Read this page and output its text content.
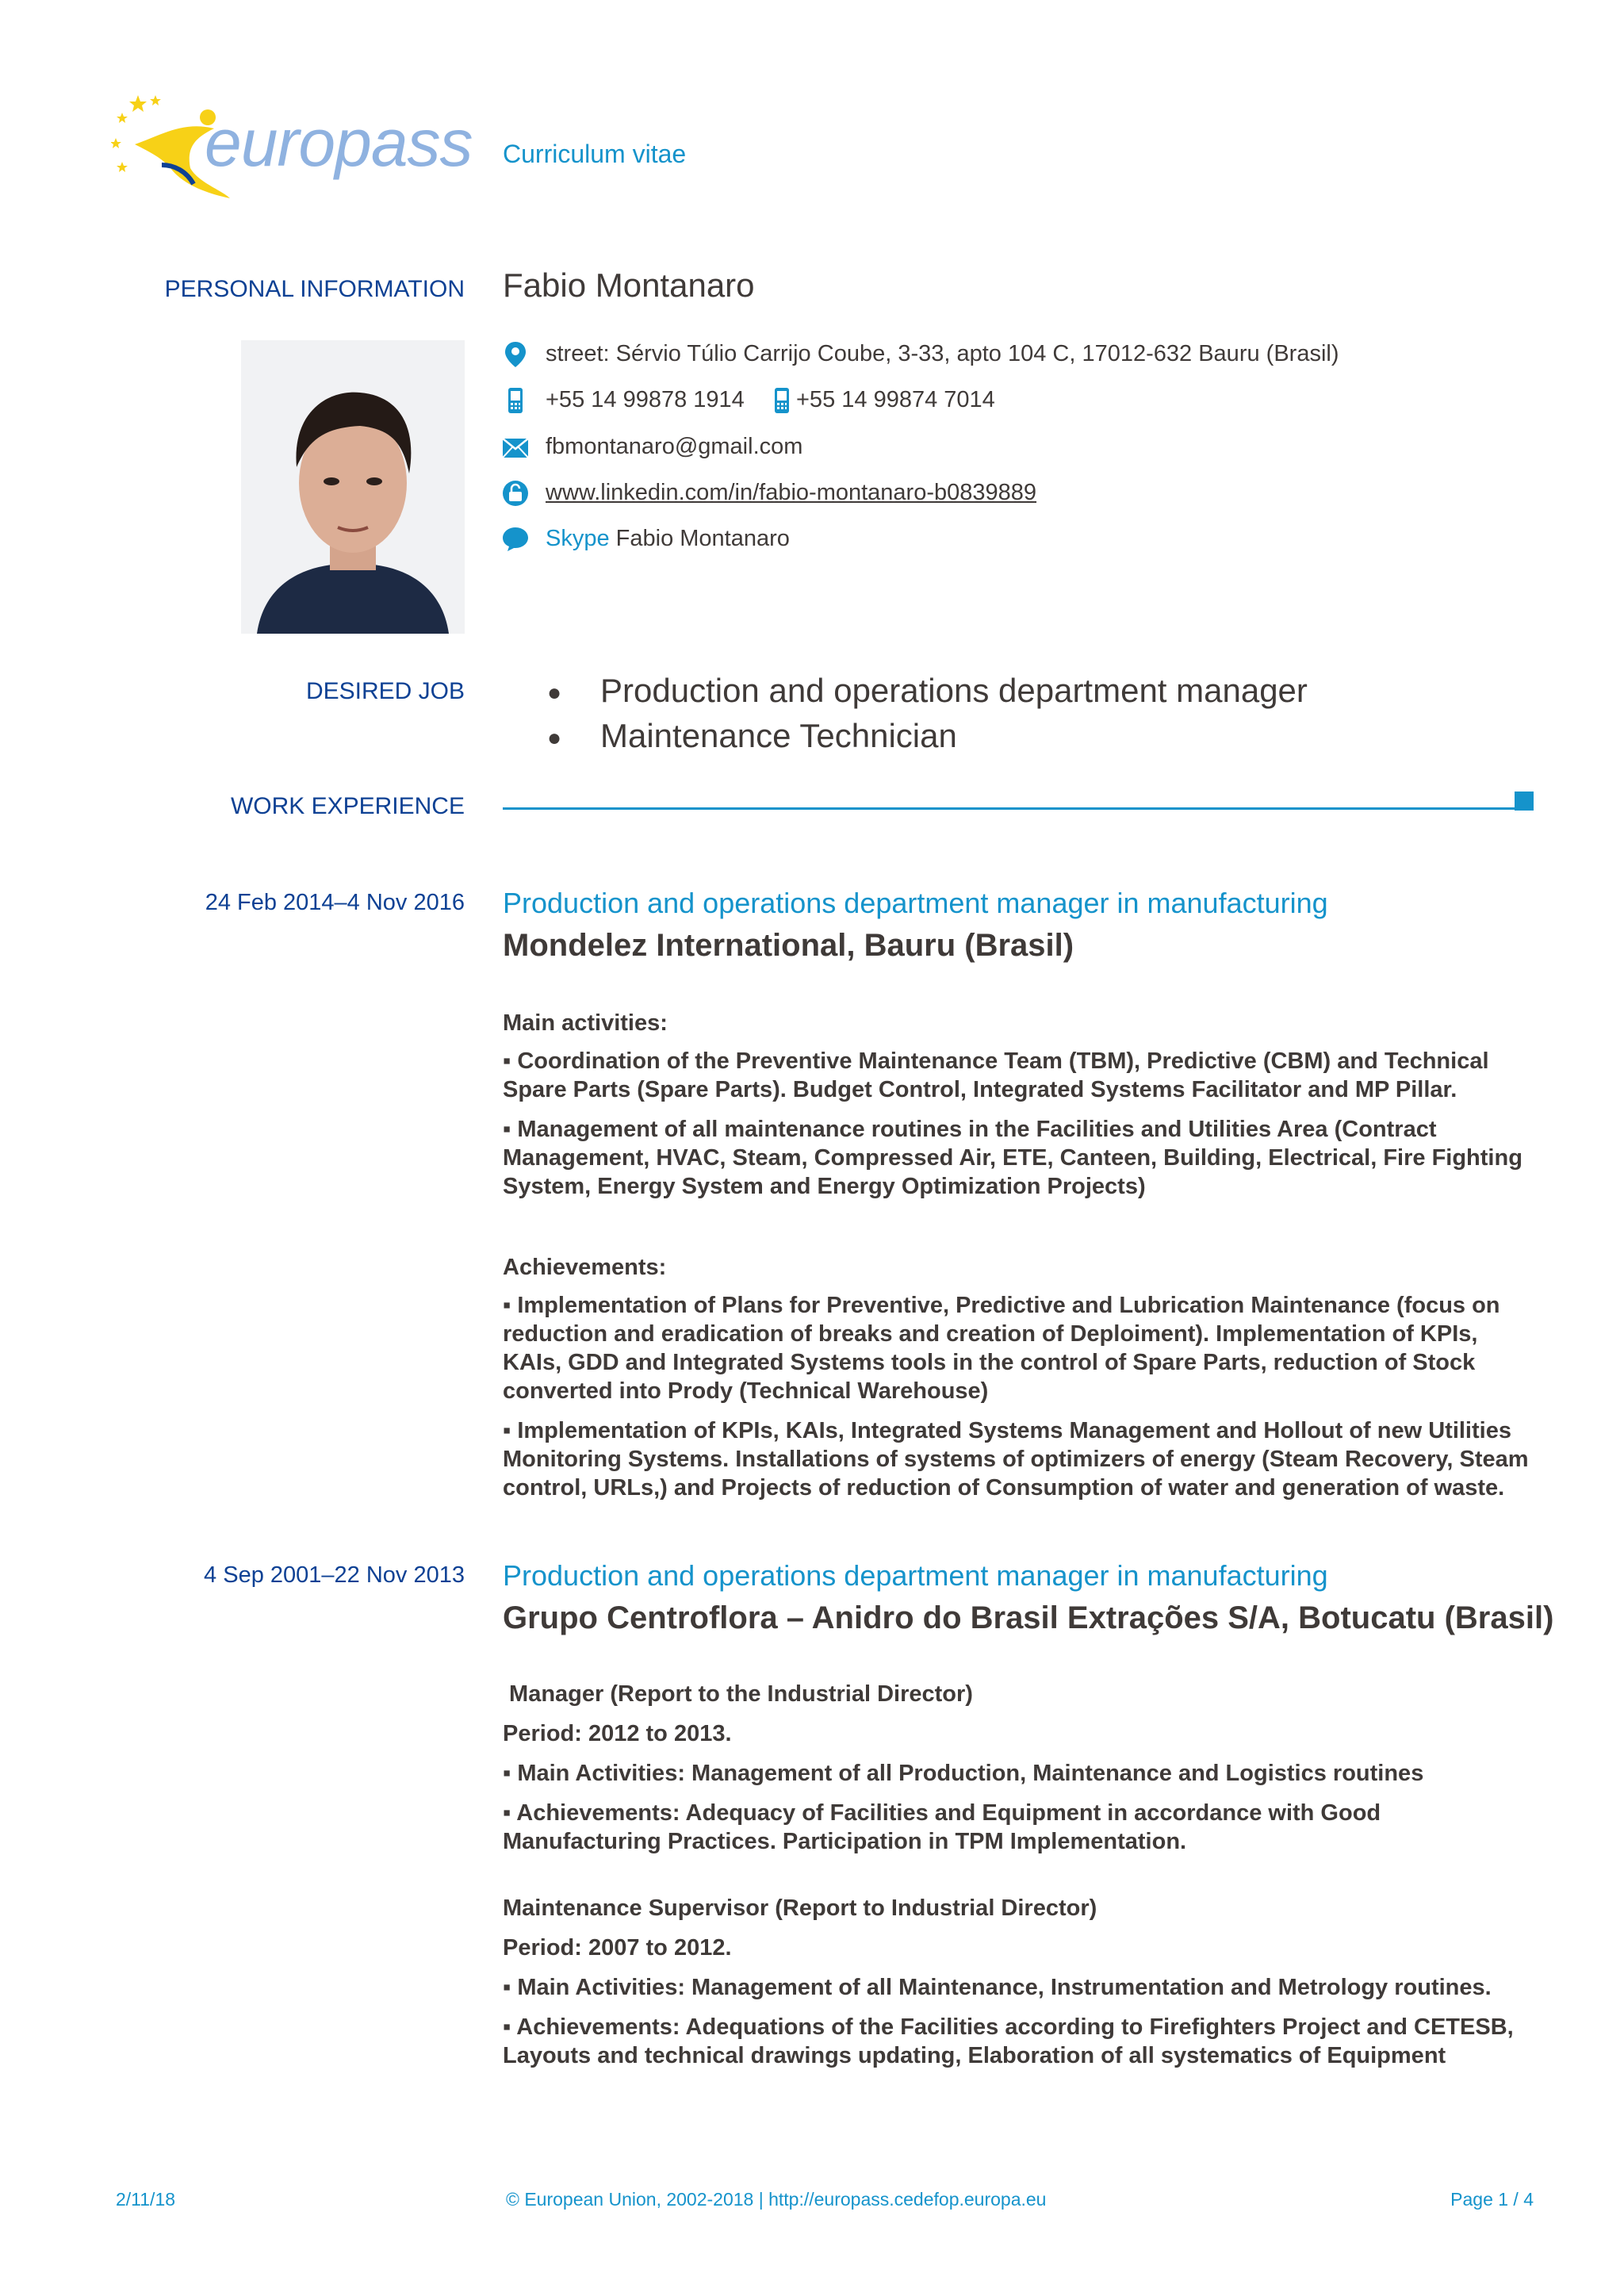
europass Curriculum vitae
PERSONAL INFORMATION Fabio Montanaro
street: Sérvio Túlio Carrijo Coube, 3-33, apto 104 C, 17012-632 Bauru (Brasil)
+55 14 99878 1914 +55 14 99874 7014
fbmontanaro@gmail.com
www.linkedin.com/in/fabio-montanaro-b0839889
Skype Fabio Montanaro
DESIRED JOB	● Production and operations department manager
● Maintenance Technician
WORK EXPERIENCE
24 Feb 2014–4 Nov 2016 Production and operations department manager in manufacturing
Mondelez International, Bauru (Brasil)
Main activities:
▪ Coordination of the Preventive Maintenance Team (TBM), Predictive (CBM) and Technical Spare Parts (Spare Parts). Budget Control, Integrated Systems Facilitator and MP Pillar.
▪ Management of all maintenance routines in the Facilities and Utilities Area (Contract Management, HVAC, Steam, Compressed Air, ETE, Canteen, Building, Electrical, Fire Fighting System, Energy System and Energy Optimization Projects)
Achievements:
▪ Implementation of Plans for Preventive, Predictive and Lubrication Maintenance (focus on reduction and eradication of breaks and creation of Deploiment). Implementation of KPIs, KAIs, GDD and Integrated Systems tools in the control of Spare Parts, reduction of Stock converted into Prody (Technical Warehouse)
▪ Implementation of KPIs, KAIs, Integrated Systems Management and Hollout of new Utilities Monitoring Systems. Installations of systems of optimizers of energy (Steam Recovery, Steam control, URLs,) and Projects of reduction of Consumption of water and generation of waste.
4 Sep 2001–22 Nov 2013 Production and operations department manager in manufacturing
Grupo Centroflora – Anidro do Brasil Extrações S/A, Botucatu (Brasil)
Manager (Report to the Industrial Director)
Period: 2012 to 2013.
▪ Main Activities: Management of all Production, Maintenance and Logistics routines
▪ Achievements: Adequacy of Facilities and Equipment in accordance with Good Manufacturing Practices. Participation in TPM Implementation.
Maintenance Supervisor (Report to Industrial Director)
Period: 2007 to 2012.
▪ Main Activities: Management of all Maintenance, Instrumentation and Metrology routines.
▪ Achievements: Adequations of the Facilities according to Firefighters Project and CETESB, Layouts and technical drawings updating, Elaboration of all systematics of Equipment
2/11/18	© European Union, 2002-2018 | http://europass.cedefop.europa.eu	Page 1 / 4
